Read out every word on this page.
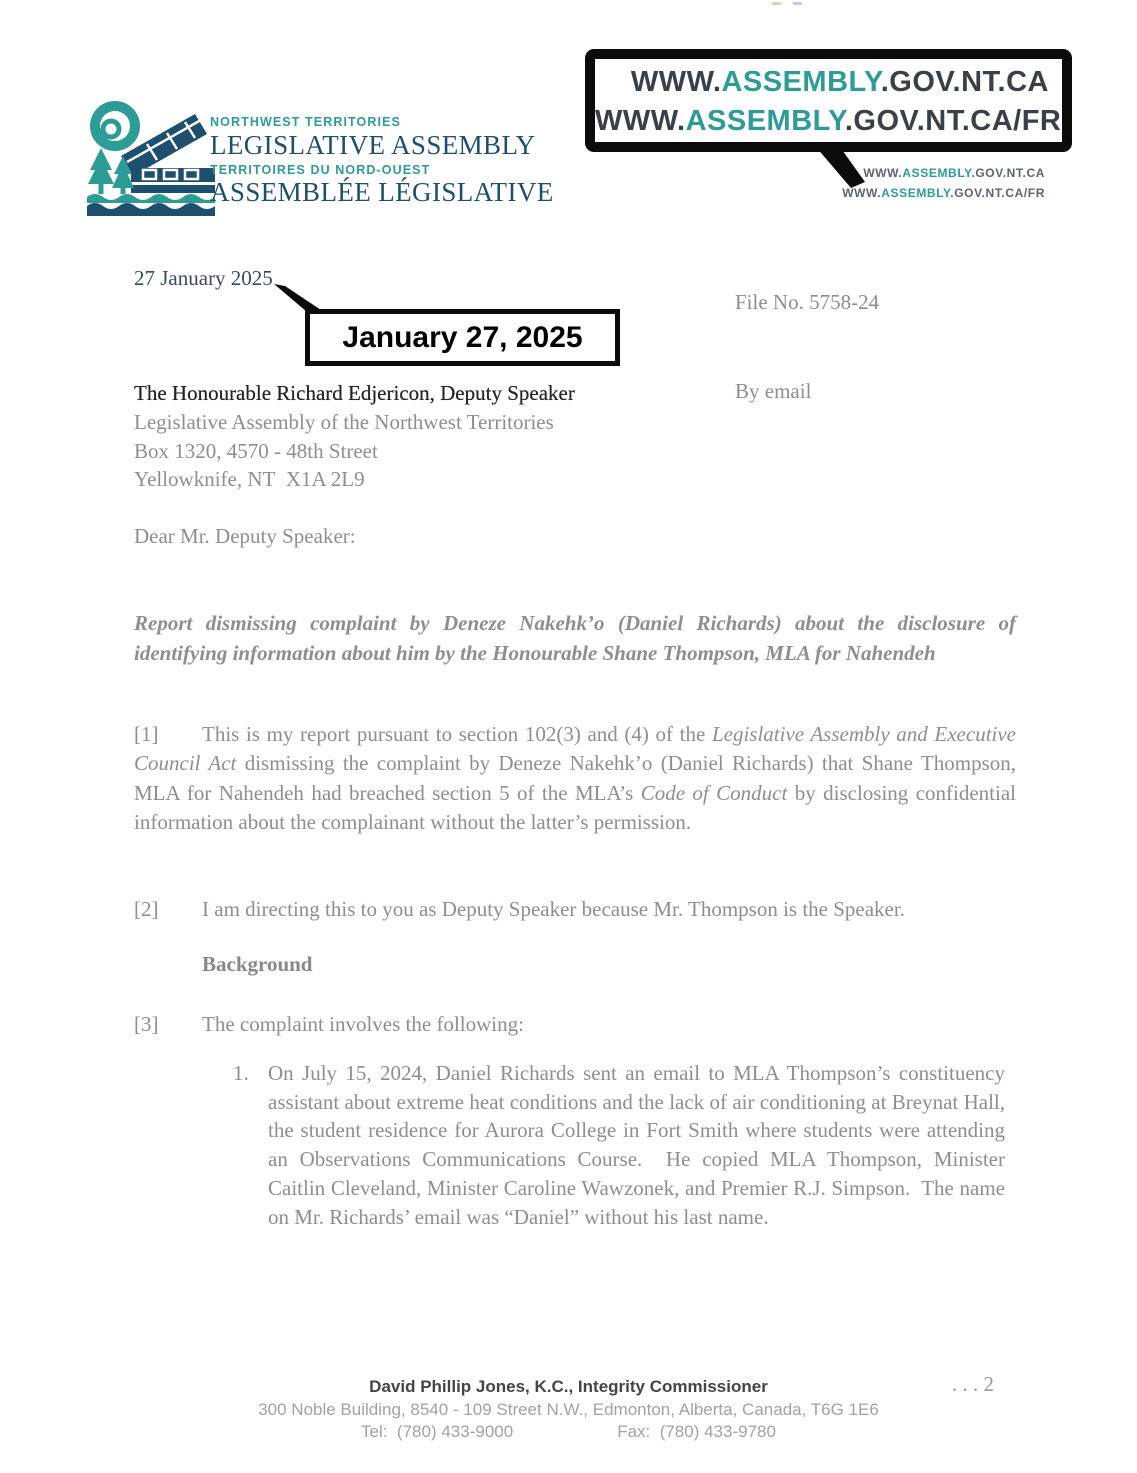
NORTHWEST TERRITORIES
LEGISLATIVE ASSEMBLY
TERRITOIRES DU NORD-OUEST
ASSEMBLÉE LÉGISLATIVE
WWW.ASSEMBLY.GOV.NT.CA
WWW.ASSEMBLY.GOV.NT.CA/FR
WWW.ASSEMBLY.GOV.NT.CA
WWW.ASSEMBLY.GOV.NT.CA/FR
27 January 2025
January 27, 2025
File No. 5758-24
The Honourable Richard Edjericon, Deputy Speaker
Legislative Assembly of the Northwest Territories
Box 1320, 4570 - 48th Street
Yellowknife, NT  X1A 2L9
By email
Dear Mr. Deputy Speaker:

Report dismissing complaint by Deneze Nakehk’o (Daniel Richards) about the disclosure of identifying information about him by the Honourable Shane Thompson, MLA for Nahendeh

[1] This is my report pursuant to section 102(3) and (4) of the Legislative Assembly and Executive Council Act dismissing the complaint by Deneze Nakehk’o (Daniel Richards) that Shane Thompson, MLA for Nahendeh had breached section 5 of the MLA’s Code of Conduct by disclosing confidential information about the complainant without the latter’s permission.

[2] I am directing this to you as Deputy Speaker because Mr. Thompson is the Speaker.

Background

[3] The complaint involves the following:

1. On July 15, 2024, Daniel Richards sent an email to MLA Thompson’s constituency assistant about extreme heat conditions and the lack of air conditioning at Breynat Hall, the student residence for Aurora College in Fort Smith where students were attending an Observations Communications Course.  He copied MLA Thompson, Minister Caitlin Cleveland, Minister Caroline Wawzonek, and Premier R.J. Simpson.  The name on Mr. Richards’ email was “Daniel” without his last name.

David Phillip Jones, K.C., Integrity Commissioner
300 Noble Building, 8540 - 109 Street N.W., Edmonton, Alberta, Canada, T6G 1E6
Tel:  (780) 433-9000	Fax:  (780) 433-9780
. . . 2
